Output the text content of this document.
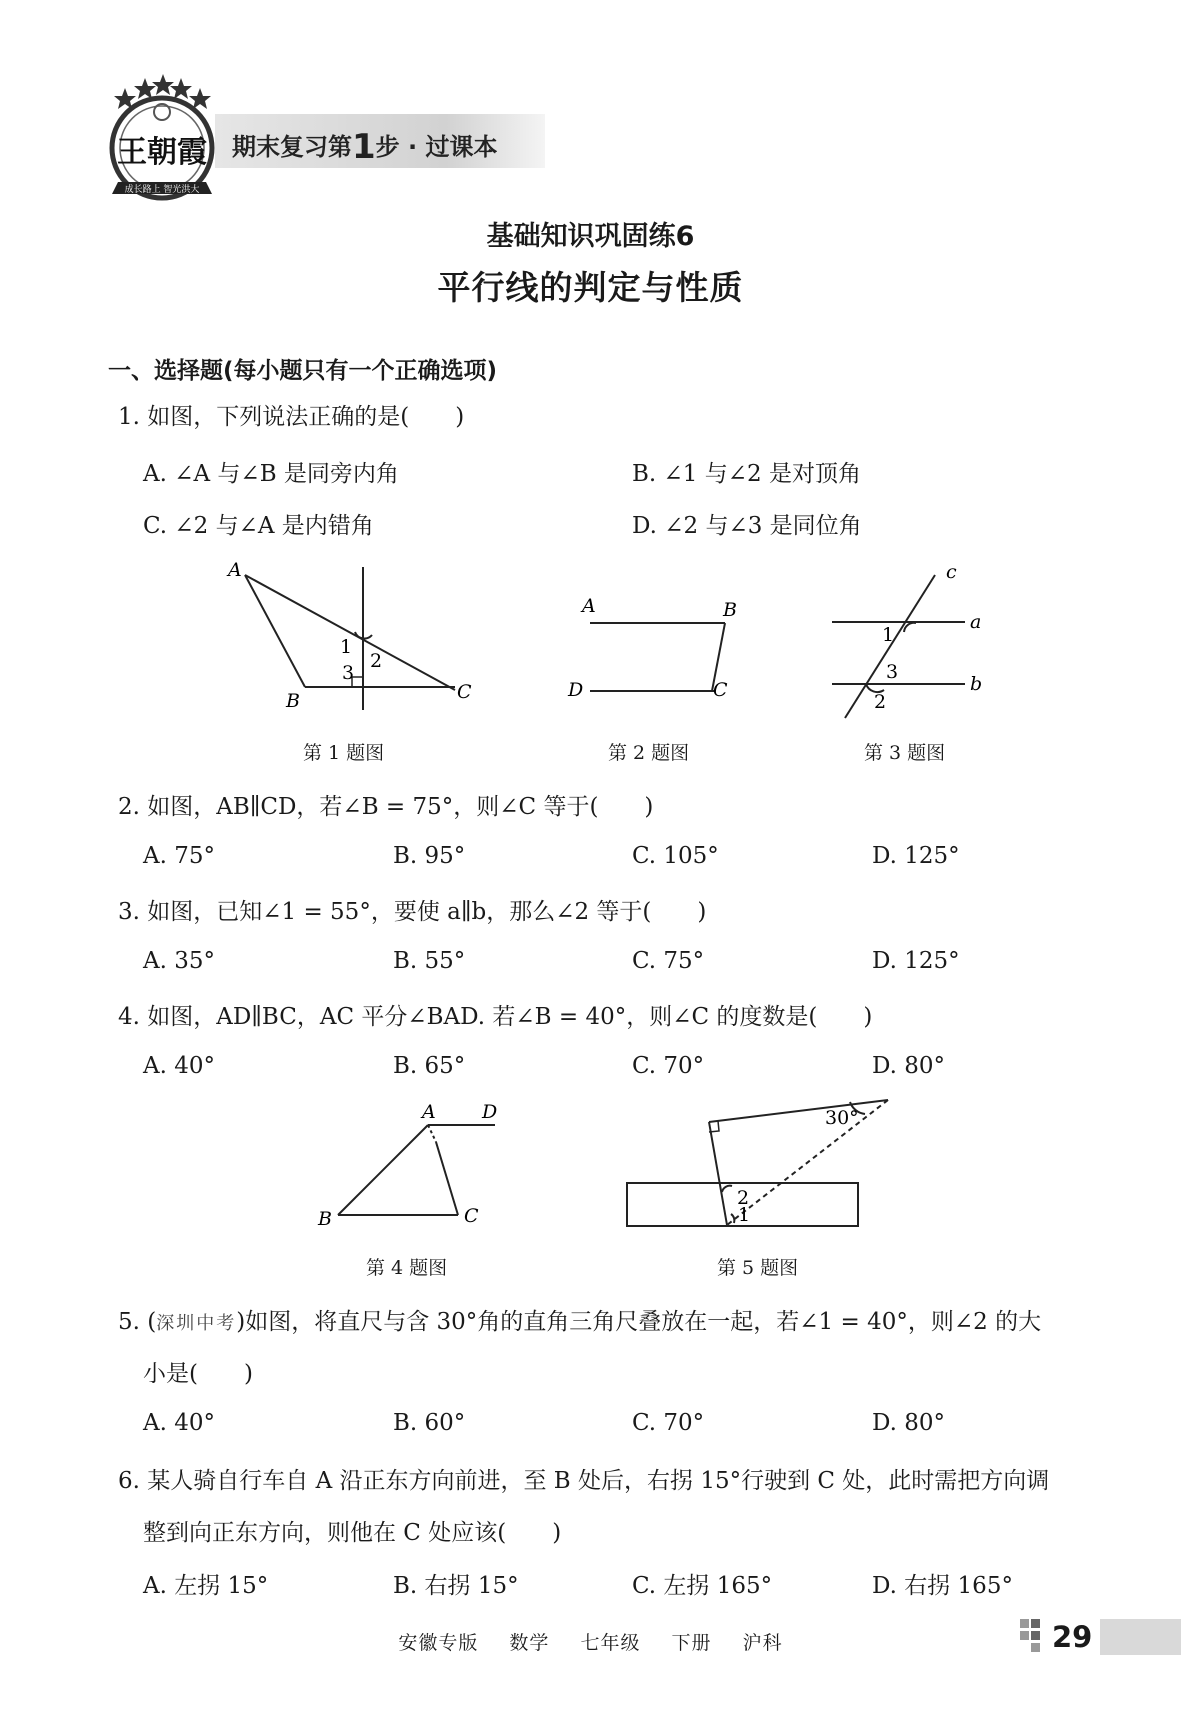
期末复习第1步 · 过课本
王朝霞
成长路上 智光洪大
基础知识巩固练6
平行线的判定与性质
一、选择题(每小题只有一个正确选项)
1. 如图，下列说法正确的是(　　)
A. ∠A 与∠B 是同旁内角	B. ∠1 与∠2 是对顶角
C. ∠2 与∠A 是内错角	D. ∠2 与∠3 是同位角
A
B	C
1
2
3
第 1 题图
A	B
C
D
第 2 题图
c
a
b
1
3
2
第 3 题图
2. 如图，AB∥CD，若∠B = 75°，则∠C 等于(　　)
A. 75°	B. 95°	C. 105°	D. 125°
3. 如图，已知∠1 = 55°，要使 a∥b，那么∠2 等于(　　)
A. 35°	B. 55°	C. 75°	D. 125°
4. 如图，AD∥BC，AC 平分∠BAD. 若∠B = 40°，则∠C 的度数是(　　)
A. 40°	B. 65°	C. 70°	D. 80°
A D
B	C
第 4 题图
30°
1
2
第 5 题图
5. (深圳中考)如图，将直尺与含 30°角的直角三角尺叠放在一起，若∠1 = 40°，则∠2 的大
小是(　　)
A. 40°	B. 60°	C. 70°	D. 80°
6. 某人骑自行车自 A 沿正东方向前进，至 B 处后，右拐 15°行驶到 C 处，此时需把方向调
整到向正东方向，则他在 C 处应该(　　)
A. 左拐 15°	B. 右拐 15°	C. 左拐 165°	D. 右拐 165°
安徽专版 数学 七年级 下册 沪科	29
